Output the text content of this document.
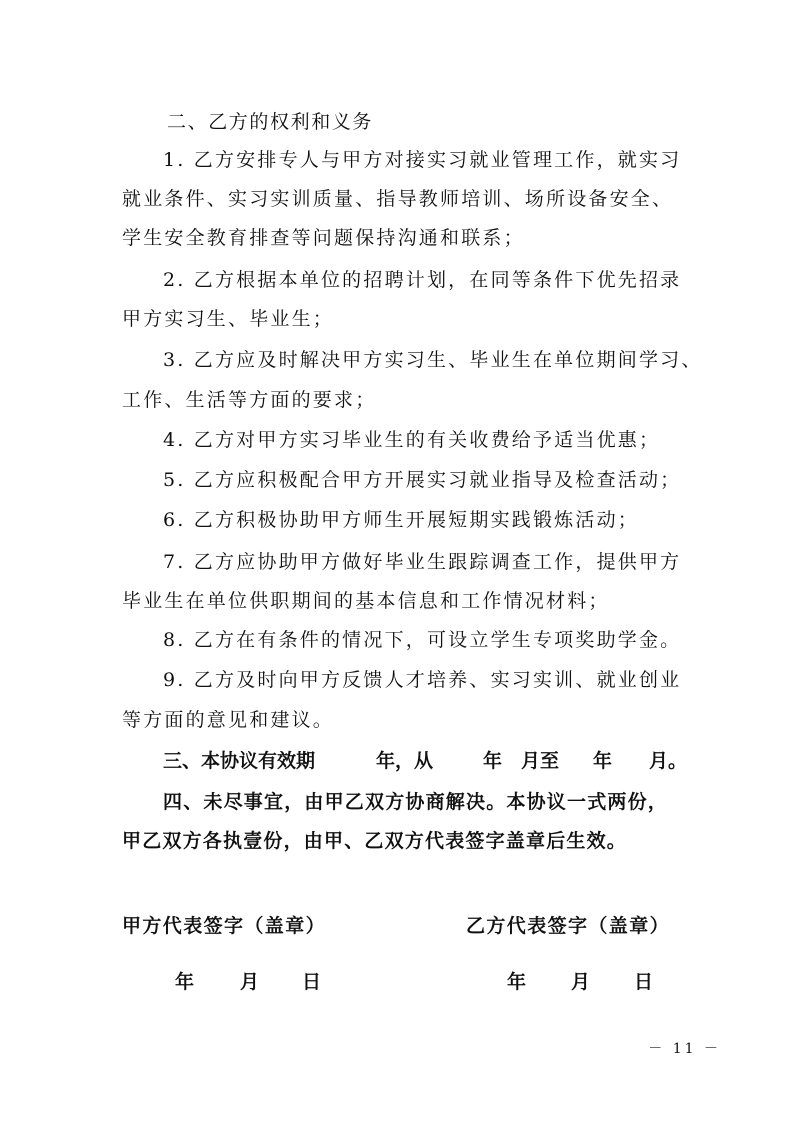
二、乙方的权利和义务
1. 乙方安排专人与甲方对接实习就业管理工作，就实习
就业条件、实习实训质量、指导教师培训、场所设备安全、
学生安全教育排查等问题保持沟通和联系；
2. 乙方根据本单位的招聘计划，在同等条件下优先招录
甲方实习生、毕业生；
3. 乙方应及时解决甲方实习生、毕业生在单位期间学习、
工作、生活等方面的要求；
4. 乙方对甲方实习毕业生的有关收费给予适当优惠；
5. 乙方应积极配合甲方开展实习就业指导及检查活动；
6. 乙方积极协助甲方师生开展短期实践锻炼活动；
7. 乙方应协助甲方做好毕业生跟踪调查工作，提供甲方
毕业生在单位供职期间的基本信息和工作情况材料；
8. 乙方在有条件的情况下，可设立学生专项奖助学金。
9. 乙方及时向甲方反馈人才培养、实习实训、就业创业
等方面的意见和建议。
三、本协议有效期	年，从	年 月至 年 月。
四、未尽事宜，由甲乙双方协商解决。本协议一式两份，
甲乙双方各执壹份，由甲、乙双方代表签字盖章后生效。
甲方代表签字（盖章）	乙方代表签字（盖章）
年 月 日	年 月 日
－ 11 －
